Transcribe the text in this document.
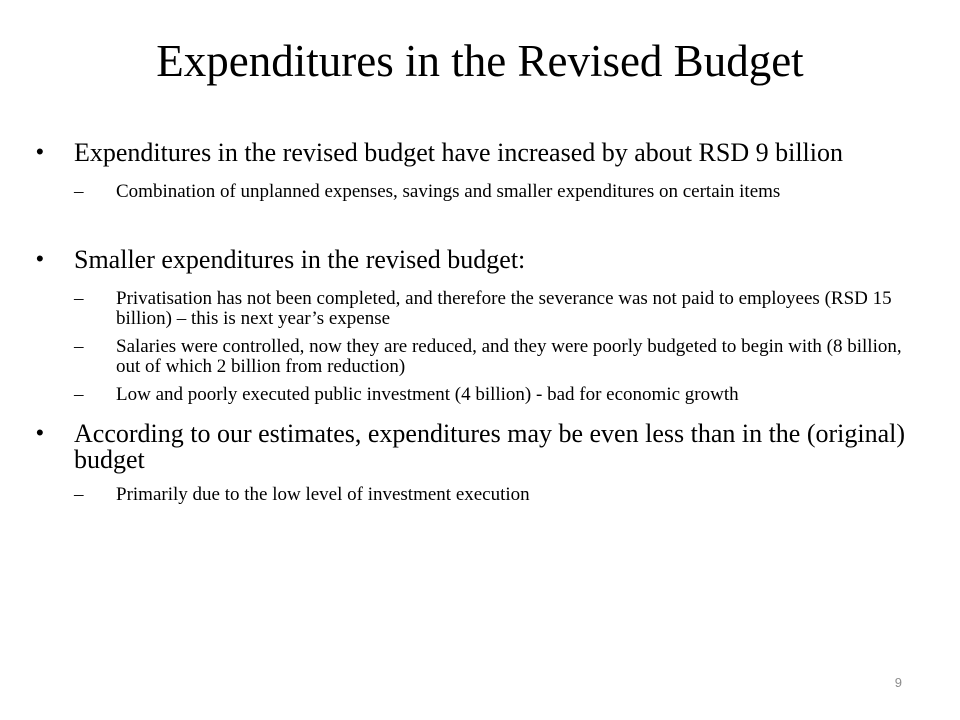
Expenditures in the Revised Budget
• Expenditures in the revised budget have increased by about RSD 9 billion
–	Combination of unplanned expenses, savings and smaller expenditures on certain items
• Smaller expenditures in the revised budget:
–	Privatisation has not been completed, and therefore the severance was not paid to employees (RSD 15 billion) – this is next year’s expense
–	Salaries were controlled, now they are reduced, and they were poorly budgeted to begin with (8 billion, out of which 2 billion from reduction)
–	Low and poorly executed public investment (4 billion) - bad for economic growth
• According to our estimates, expenditures may be even less than in the (original) budget
–	Primarily due to the low level of investment execution
9
